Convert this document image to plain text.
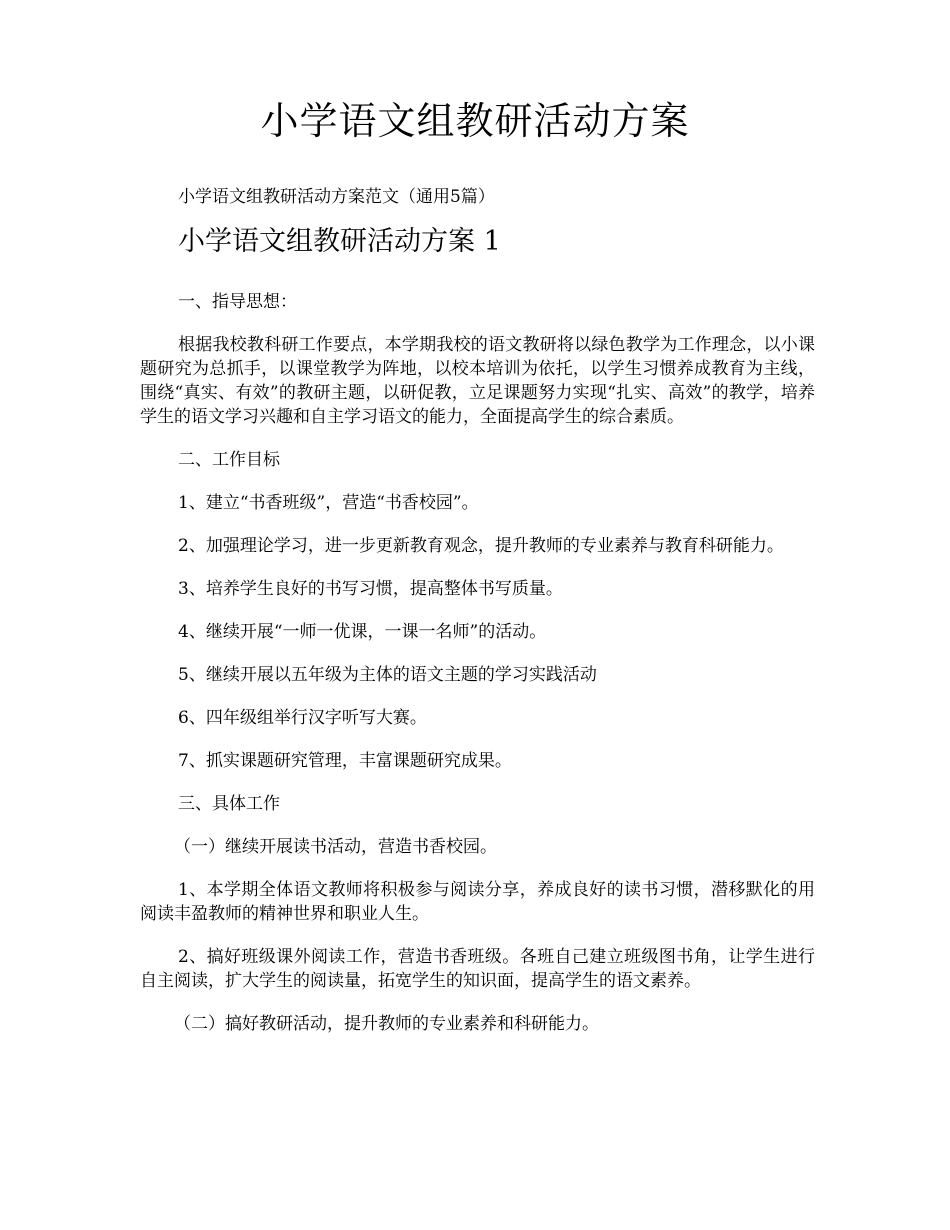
小学语文组教研活动方案
小学语文组教研活动方案范文（通用5篇）
小学语文组教研活动方案 1

一、指导思想：

根据我校教科研工作要点，本学期我校的语文教研将以绿色教学为工作理念，以小课题研究为总抓手，以课堂教学为阵地，以校本培训为依托，以学生习惯养成教育为主线，围绕“真实、有效”的教研主题，以研促教，立足课题努力实现“扎实、高效”的教学，培养学生的语文学习兴趣和自主学习语文的能力，全面提高学生的综合素质。

二、工作目标

1、建立“书香班级”，营造“书香校园”。

2、加强理论学习，进一步更新教育观念，提升教师的专业素养与教育科研能力。

3、培养学生良好的书写习惯，提高整体书写质量。

4、继续开展“一师一优课，一课一名师”的活动。

5、继续开展以五年级为主体的语文主题的学习实践活动

6、四年级组举行汉字听写大赛。

7、抓实课题研究管理，丰富课题研究成果。

三、具体工作

（一）继续开展读书活动，营造书香校园。

1、本学期全体语文教师将积极参与阅读分享，养成良好的读书习惯，潜移默化的用阅读丰盈教师的精神世界和职业人生。

2、搞好班级课外阅读工作，营造书香班级。各班自己建立班级图书角，让学生进行自主阅读，扩大学生的阅读量，拓宽学生的知识面，提高学生的语文素养。

（二）搞好教研活动，提升教师的专业素养和科研能力。
